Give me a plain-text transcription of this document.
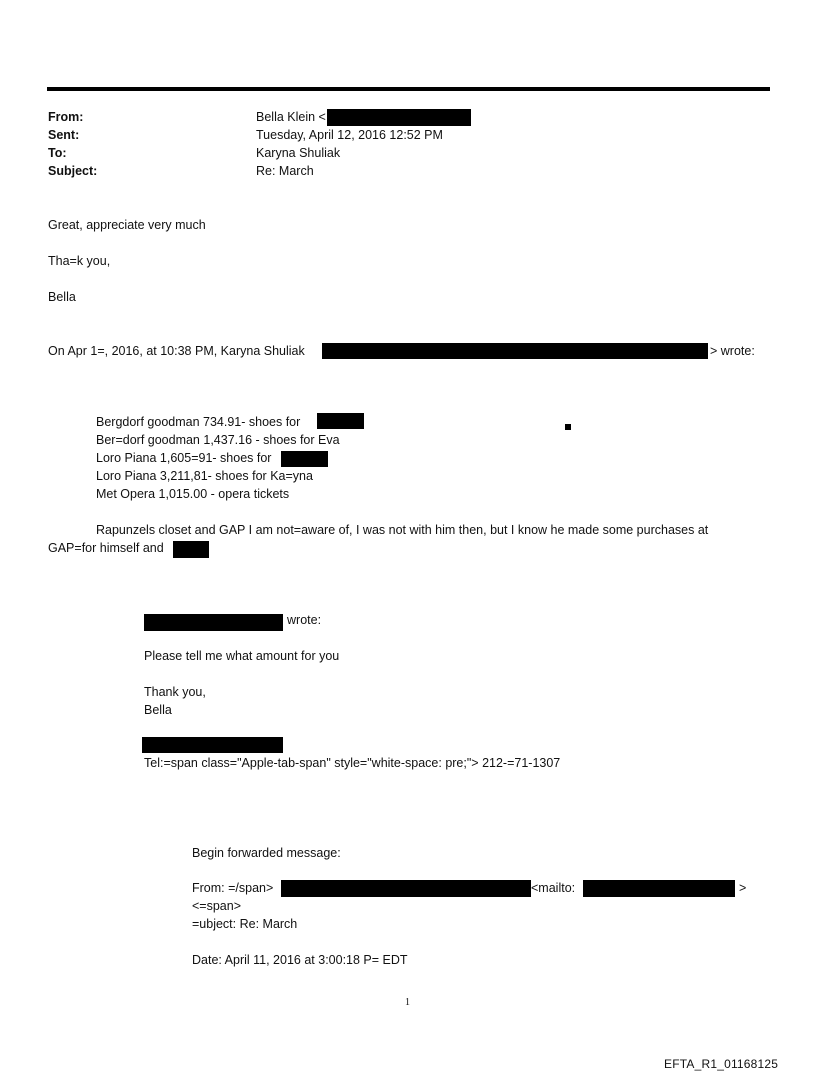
From:	Bella Klein <
Sent:	Tuesday, April 12, 2016 12:52 PM
To:	Karyna Shuliak
Subject:	Re: March
Great, appreciate very much
Tha=k you,
Bella
On Apr 1=, 2016, at 10:38 PM, Karyna Shuliak	> wrote:
Bergdorf goodman 734.91- shoes for
Ber=dorf goodman 1,437.16 - shoes for Eva
Loro Piana 1,605=91- shoes for
Loro Piana 3,211,81- shoes for Ka=yna
Met Opera 1,015.00 - opera tickets
Rapunzels closet and GAP I am not=aware of, I was not with him then, but I know he made some purchases at
GAP=for himself and
wrote:
Please tell me what amount for you
Thank you,
Bella
Tel:=span class="Apple-tab-span" style="white-space: pre;"> 212-=71-1307
Begin forwarded message:
From: =/span>	<mailto:	>
<=span>
=ubject: Re: March
Date: April 11, 2016 at 3:00:18 P= EDT
1
EFTA_R1_01168125
